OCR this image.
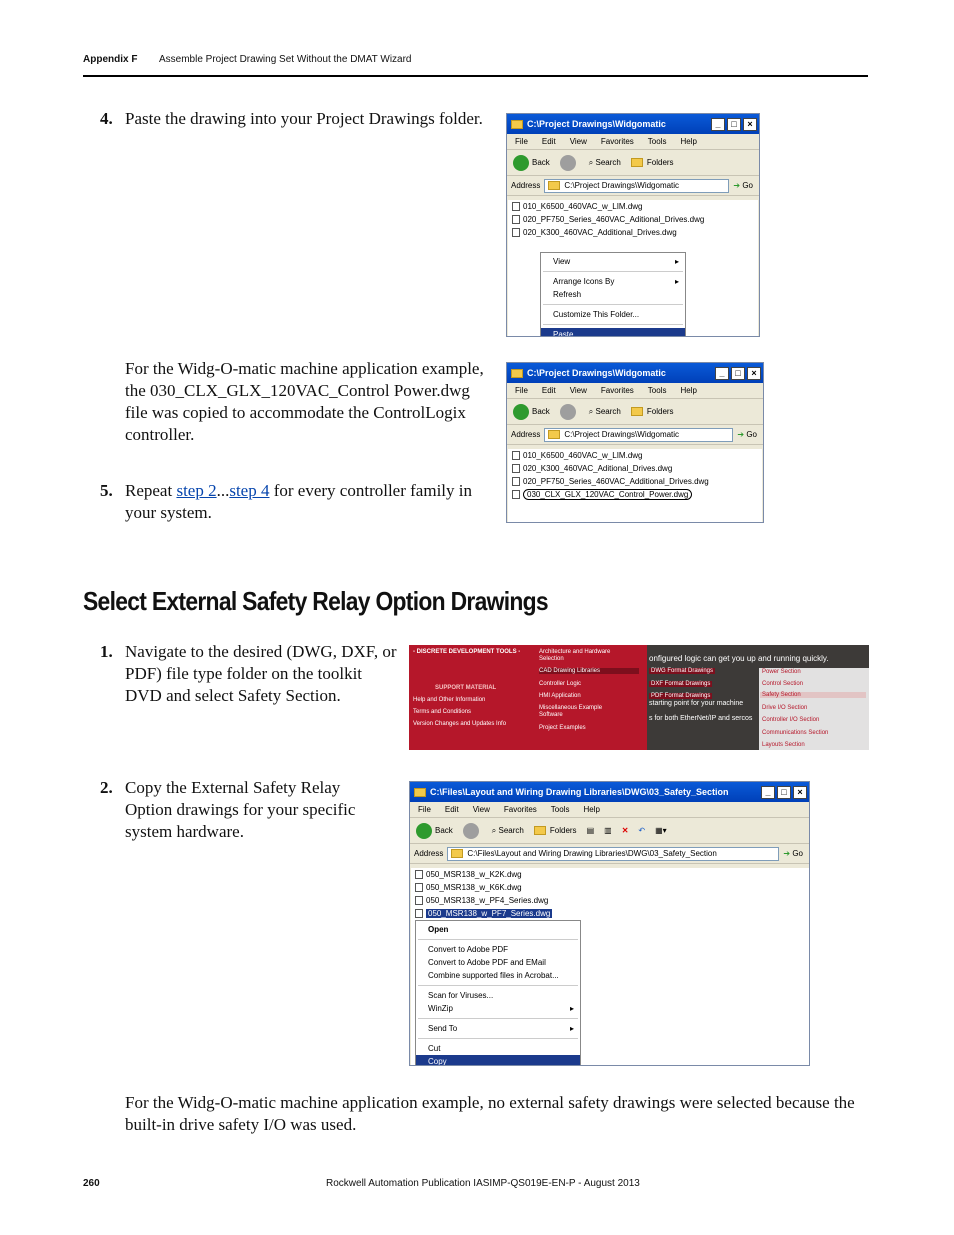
Appendix F Assemble Project Drawing Set Without the DMAT Wizard
4. Paste the drawing into your Project Drawings folder.	C:\Project Drawings\Widgomatic	_	□	×
File Edit View Favorites Tools Help
Back	⌕
Search	Folders
Address	C:\Project Drawings\Widgomatic	➔ Go
010_K6500_460VAC_w_LIM.dwg
020_PF750_Series_460VAC_Aditional_Drives.dwg
020_K300_460VAC_Additional_Drives.dwg
View	▸
Arrange Icons By	▸
Refresh
Customize This Folder...
Paste
For the Widg-O-matic machine application example, the 030_CLX_GLX_120VAC_Control Power.dwg file was copied to accommodate the ControlLogix controller.
C:\Project Drawings\Widgomatic	_	□	×
File Edit View Favorites Tools Help
Back	⌕
Search	Folders
Address	C:\Project Drawings\Widgomatic	➔ Go
010_K6500_460VAC_w_LIM.dwg
020_K300_460VAC_Aditional_Drives.dwg
020_PF750_Series_460VAC_Additional_Drives.dwg
030_CLX_GLX_120VAC_Control_Power.dwg
5. Repeat step 2...step 4 for every controller family in your system.
Select External Safety Relay Option Drawings
1. Navigate to the desired (DWG, DXF, or PDF) file type folder on the toolkit DVD and select Safety Section.
- DISCRETE DEVELOPMENT TOOLS -
SUPPORT MATERIAL
Help and Other Information
Terms and Conditions
Version Changes and Updates Info
Architecture and Hardware Selection
CAD Drawing Libraries
Controller Logic
HMI Application
Miscellaneous Example Software
Project Examples
onfigured logic can get you up and running quickly.
starting point for your machine
s for both EtherNet/IP and sercos
DWG Format Drawings
DXF Format Drawings
PDF Format Drawings
Power Section
Control Section
Safety Section
Drive I/O Section
Controller I/O Section
Communications Section
Layouts Section
2. Copy the External Safety Relay Option drawings for your specific system hardware.
C:\Files\Layout and Wiring Drawing Libraries\DWG\03_Safety_Section	_	□	×
File Edit View Favorites Tools Help
Back	⌕
Search	Folders ▤ ▥ ✕ ↶ ▦▾
Address	C:\Files\Layout and Wiring Drawing Libraries\DWG\03_Safety_Section	➔ Go
050_MSR138_w_K2K.dwg
050_MSR138_w_K6K.dwg
050_MSR138_w_PF4_Series.dwg
050_MSR138_w_PF7_Series.dwg
Open
Convert to Adobe PDF
Convert to Adobe PDF and EMail
Combine supported files in Acrobat...
Scan for Viruses...
WinZip	▸
Send To	▸
Cut
Copy
For the Widg-O-matic machine application example, no external safety drawings were selected because the built-in drive safety I/O was used.
260	Rockwell Automation Publication IASIMP-QS019E-EN-P - August 2013
